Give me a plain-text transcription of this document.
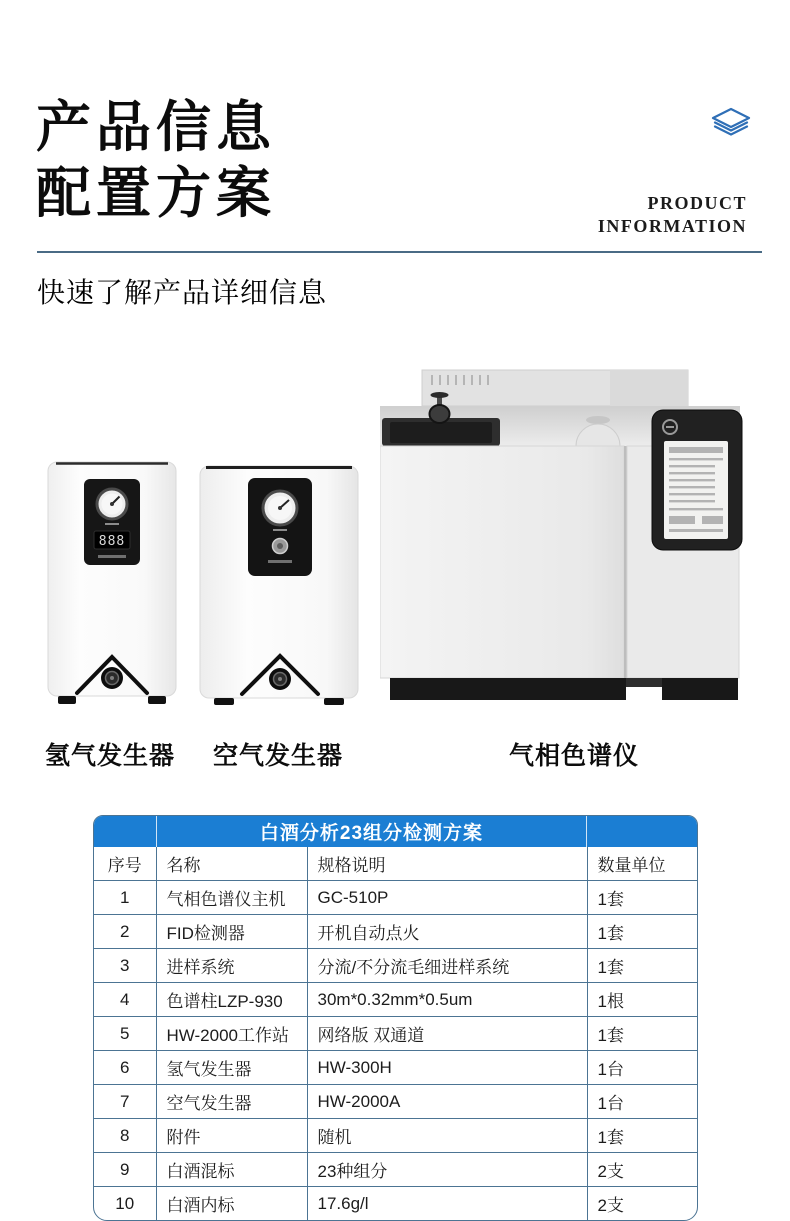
产品信息
配置方案	PRODUCT
INFORMATION
快速了解产品详细信息
888
氢气发生器 空气发生器	气相色谱仪
白酒分析23组分检测方案
序号	名称	规格说明	数量单位
1	气相色谱仪主机	GC-510P	1套
2	FID检测器	开机自动点火	1套
3	进样系统	分流/不分流毛细进样系统	1套
4	色谱柱LZP-930	30m*0.32mm*0.5um	1根
5	HW-2000工作站	网络版 双通道	1套
6	氢气发生器	HW-300H	1台
7	空气发生器	HW-2000A	1台
8	附件	随机	1套
9	白酒混标	23种组分	2支
10	白酒内标	17.6g/l	2支
